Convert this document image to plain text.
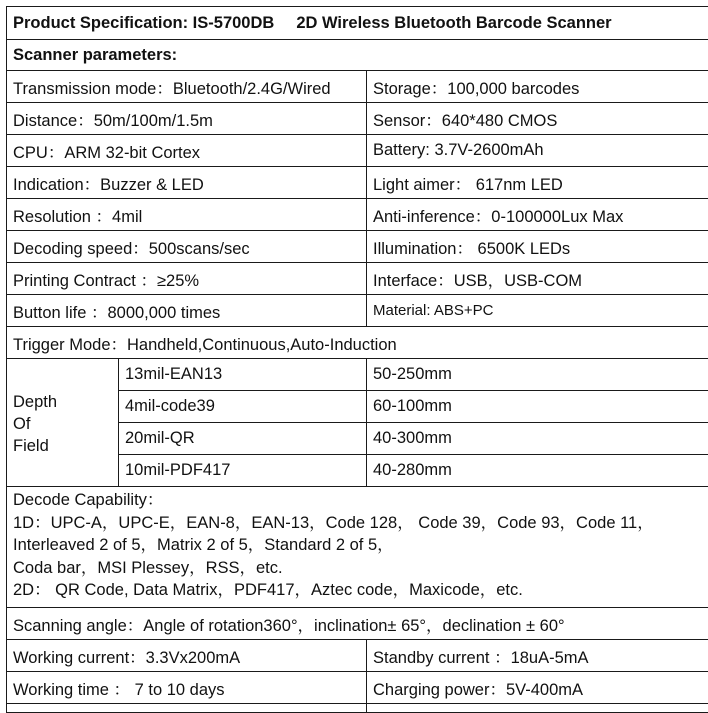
Product Specification: IS-5700DB 2D Wireless Bluetooth Barcode Scanner		
Scanner parameters:		
Transmission mode：Bluetooth/2.4G/Wired		Storage：100,000 barcodes
Distance：50m/100m/1.5m		Sensor：640*480 CMOS
CPU：ARM 32-bit Cortex		Battery: 3.7V-2600mAh
Indication：Buzzer & LED		Light aimer： 617nm LED
Resolution ：4mil		Anti-inference：0-100000Lux Max
Decoding speed：500scans/sec		Illumination： 6500K LEDs
Printing Contract ：≥25%		Interface：USB，USB-COM
Button life ：8000,000 times		Material: ABS+PC
Trigger Mode：Handheld,Continuous,Auto-Induction		

Depth
Of
Field	13mil-EAN13	50-250mm
	4mil-code39	60-100mm
	20mil-QR	40-300mm
	10mil-PDF417	40-280mm

Decode Capability：
1D：UPC-A，UPC-E，EAN-8，EAN-13，Code 128， Code 39，Code 93，Code 11，
Interleaved 2 of 5，Matrix 2 of 5，Standard 2 of 5，
Coda bar，MSI Plessey，RSS，etc.
2D： QR Code, Data Matrix，PDF417，Aztec code，Maxicode，etc.		

Scanning angle：Angle of rotation360°，inclination± 65°，declination ± 60°		
Working current：3.3Vx200mA		Standby current ：18uA-5mA
Working time ： 7 to 10 days		Charging power：5V-400mA
